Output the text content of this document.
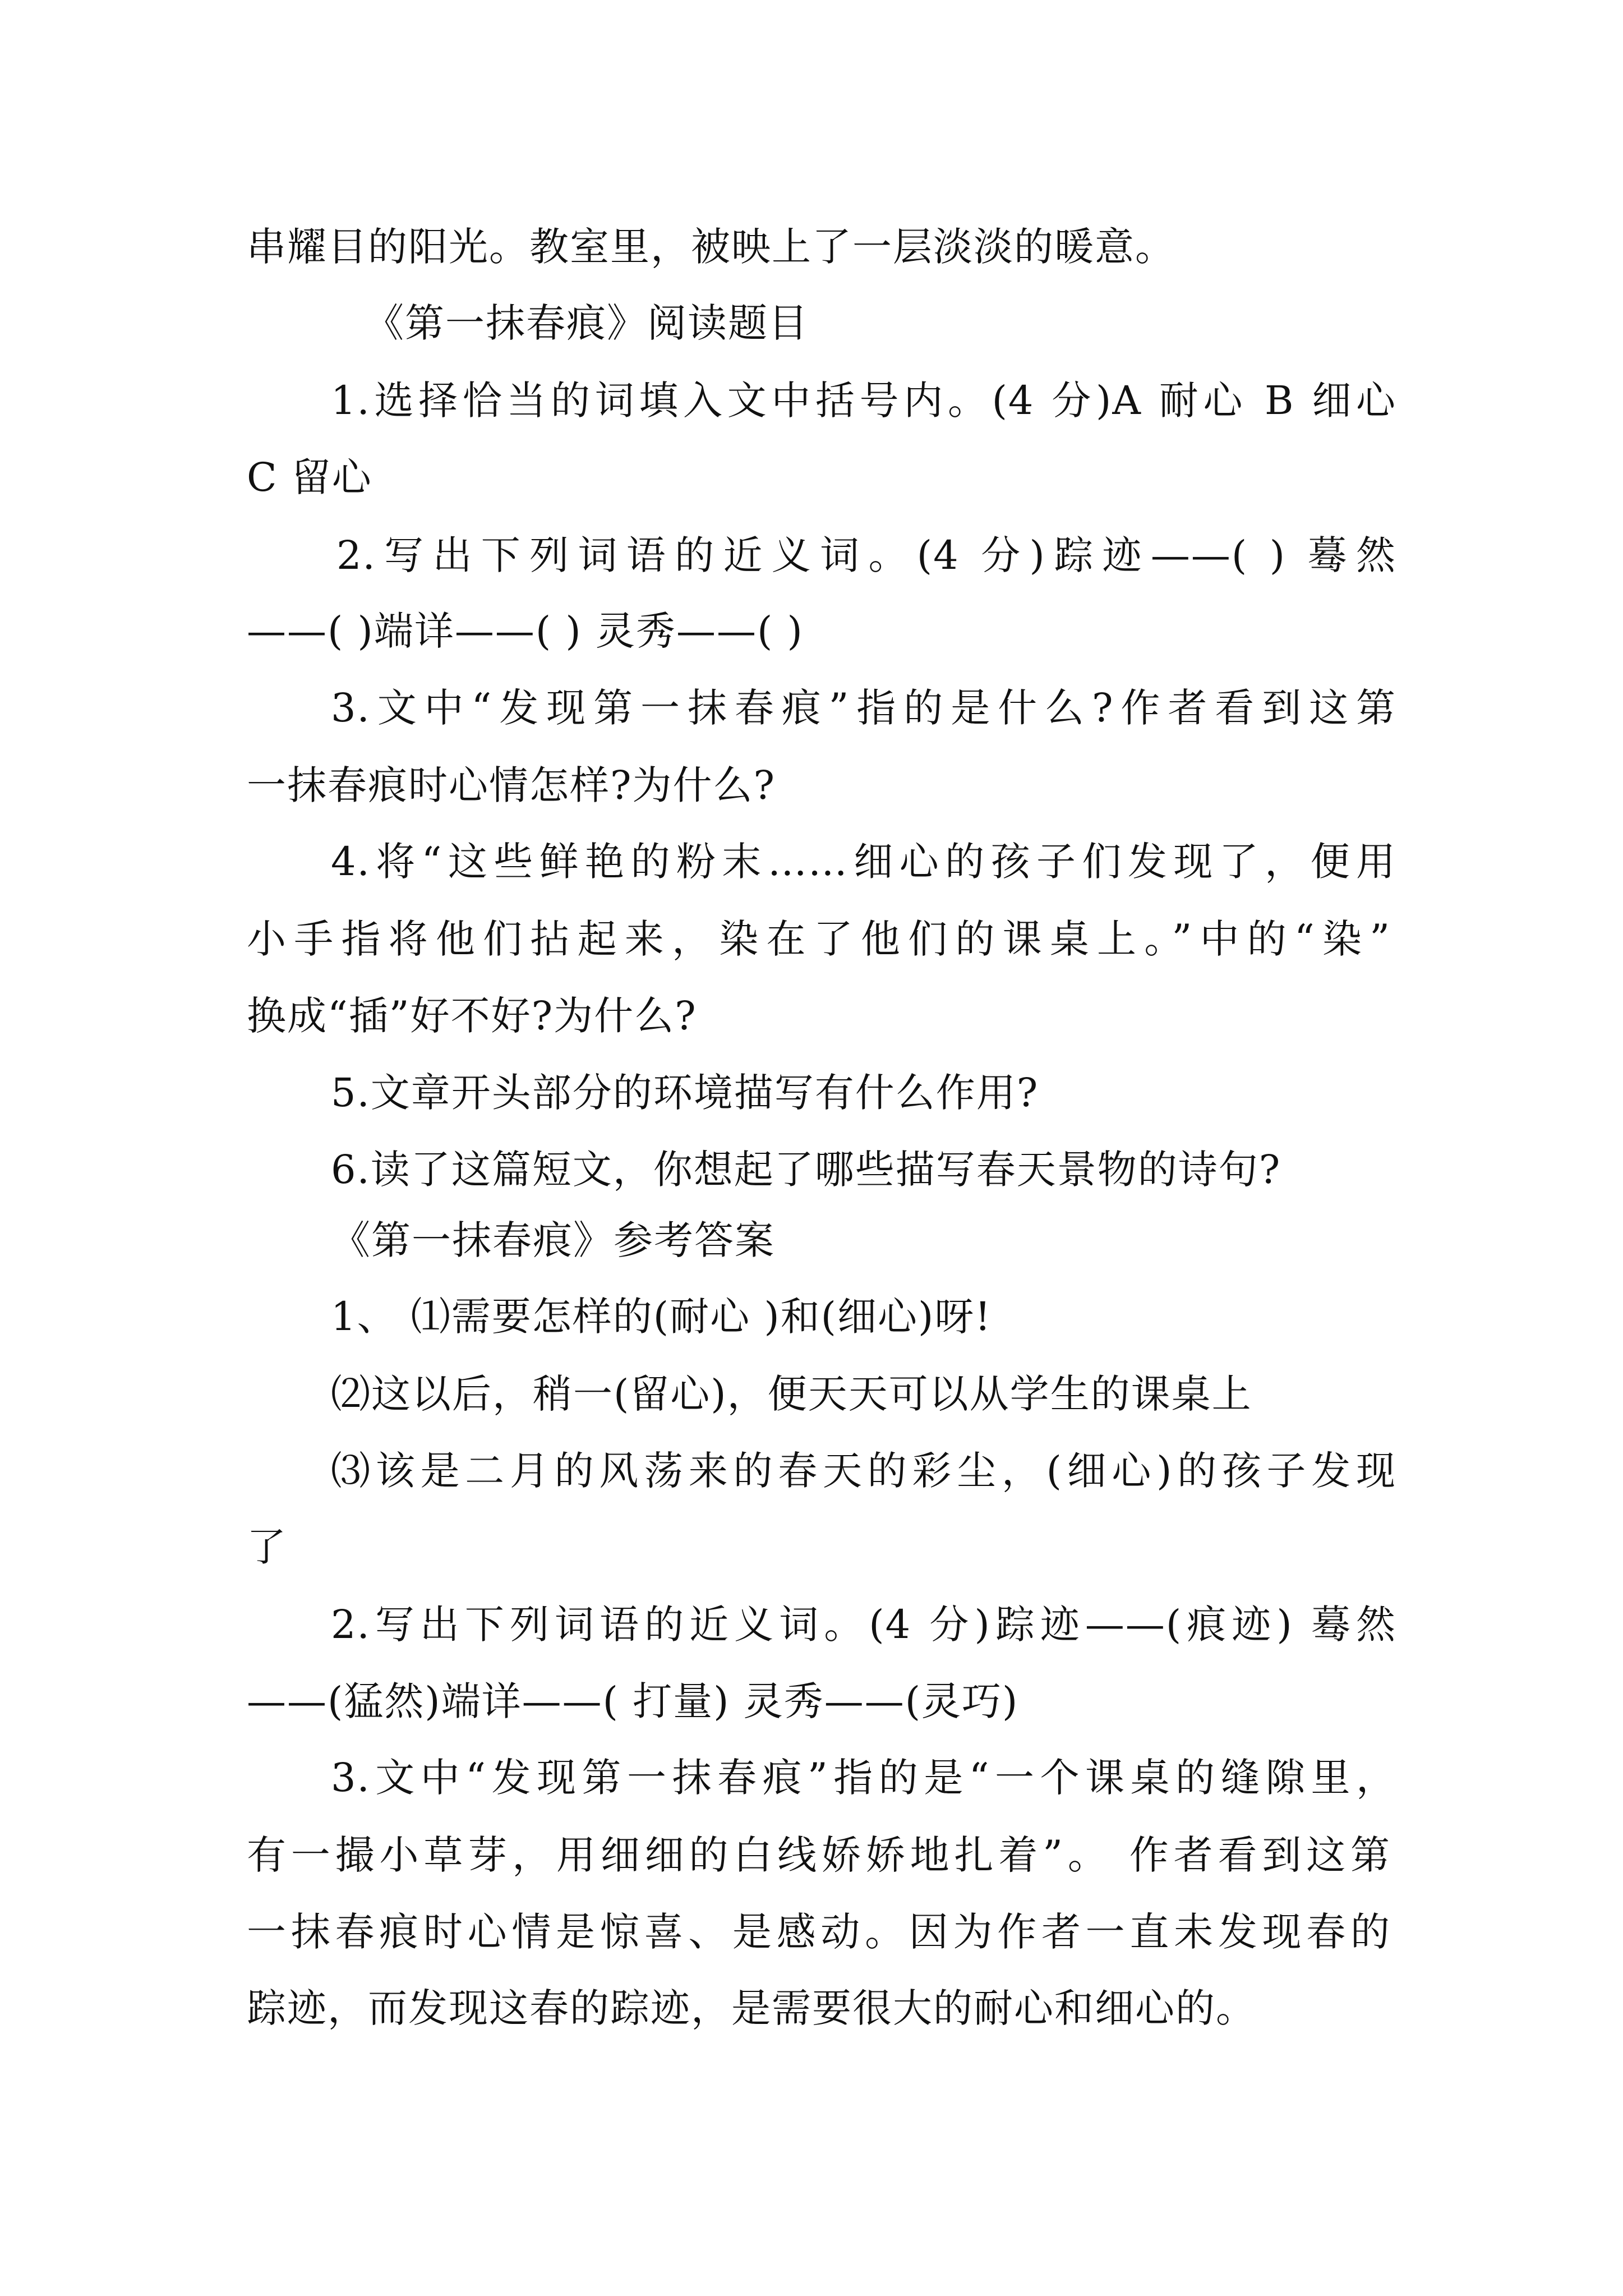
串耀目的阳光。教室里，被映上了一层淡淡的暖意。
《第一抹春痕》阅读题目
1.选择恰当的词填入文中括号内。(4 分)A 耐心 B 细心
C 留心
2.写出下列词语的近义词。(4 分)踪迹——( ) 蓦然
——( )端详——( ) 灵秀——( )
3.文中“发现第一抹春痕”指的是什么?作者看到这第
一抹春痕时心情怎样?为什么?
4.将“这些鲜艳的粉末……细心的孩子们发现了，便用
小手指将他们拈起来，染在了他们的课桌上。”中的“染”
换成“插”好不好?为什么?
5.文章开头部分的环境描写有什么作用?
6.读了这篇短文，你想起了哪些描写春天景物的诗句?
《第一抹春痕》参考答案
1、 ⑴需要怎样的(耐心 )和(细心)呀!
⑵这以后，稍一(留心)，便天天可以从学生的课桌上
⑶该是二月的风荡来的春天的彩尘，(细心)的孩子发现
了
2.写出下列词语的近义词。(4 分)踪迹——(痕迹) 蓦然
——(猛然)端详——( 打量) 灵秀——(灵巧)
3.文中“发现第一抹春痕”指的是“一个课桌的缝隙里，
有一撮小草芽，用细细的白线娇娇地扎着”。 作者看到这第
一抹春痕时心情是惊喜、是感动。因为作者一直未发现春的
踪迹，而发现这春的踪迹，是需要很大的耐心和细心的。
